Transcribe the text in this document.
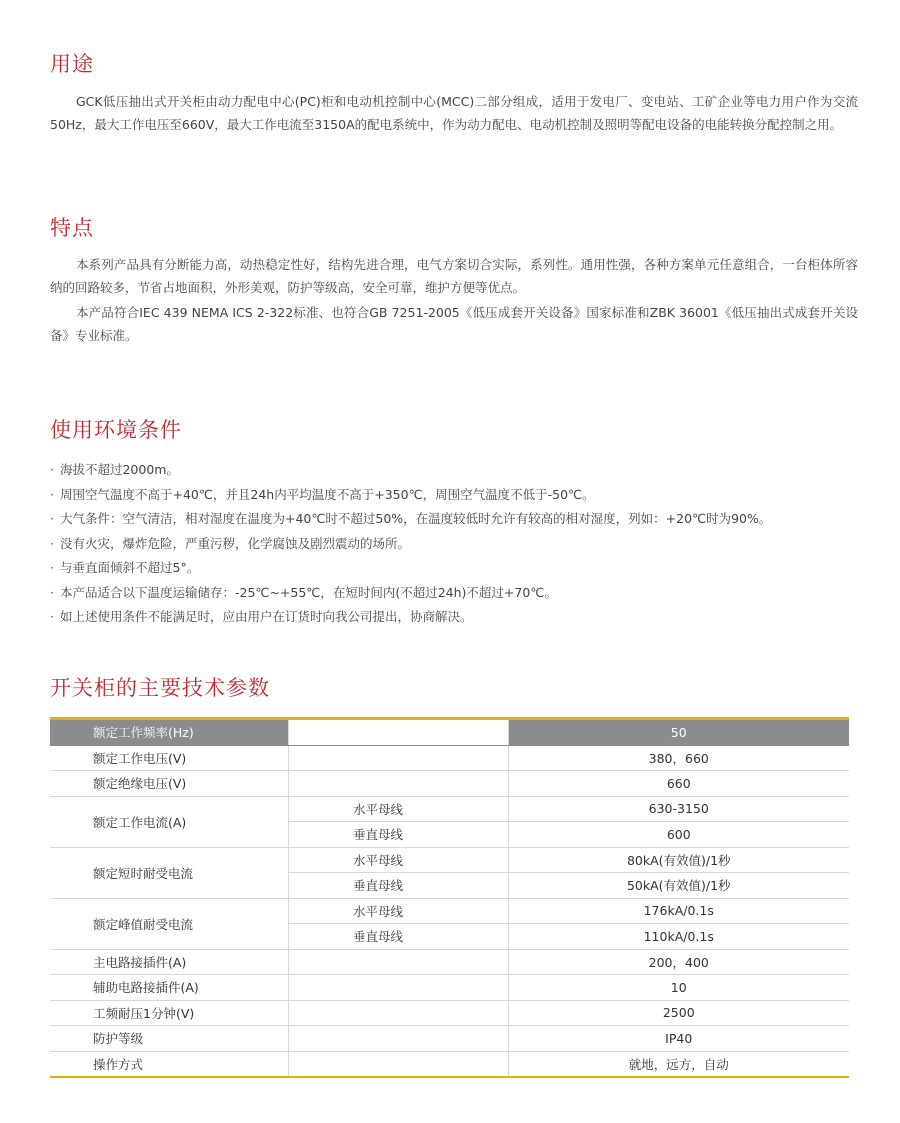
用途

GCK低压抽出式开关柜由动力配电中心(PC)柜和电动机控制中心(MCC)二部分组成，适用于发电厂、变电站、工矿企业等电力用户作为交流50Hz，最大工作电压至660V，最大工作电流至3150A的配电系统中，作为动力配电、电动机控制及照明等配电设备的电能转换分配控制之用。

特点

本系列产品具有分断能力高，动热稳定性好，结构先进合理，电气方案切合实际，系列性。通用性强，各种方案单元任意组合，一台柜体所容纳的回路较多，节省占地面积，外形美观，防护等级高，安全可靠，维护方便等优点。

本产品符合IEC 439 NEMA ICS 2-322标准、也符合GB 7251-2005《低压成套开关设备》国家标准和ZBK 36001《低压抽出式成套开关设备》专业标准。

使用环境条件
· 海拔不超过2000m。
· 周围空气温度不高于+40℃，并且24h内平均温度不高于+350℃，周围空气温度不低于-50℃。
· 大气条件：空气清洁，相对湿度在温度为+40℃时不超过50%，在温度较低时允许有较高的相对湿度，列如：+20℃时为90%。
· 没有火灾，爆炸危险，严重污秽，化学腐蚀及剧烈震动的场所。
· 与垂直面倾斜不超过5°。
· 本产品适合以下温度运输储存：-25℃~+55℃，在短时间内(不超过24h)不超过+70℃。
· 如上述使用条件不能满足时，应由用户在订货时向我公司提出，协商解决。
开关柜的主要技术参数
额定工作频率(Hz)		50
额定工作电压(V)		380，660
额定绝缘电压(V)		660
额定工作电流(A)	水平母线	630-3150
	垂直母线	600
额定短时耐受电流	水平母线	80kA(有效值)/1秒
	垂直母线	50kA(有效值)/1秒
额定峰值耐受电流	水平母线	176kA/0.1s
	垂直母线	110kA/0.1s
主电路接插件(A)		200，400
辅助电路接插件(A)		10
工频耐压1分钟(V)		2500
防护等级		IP40
操作方式		就地，远方，自动
